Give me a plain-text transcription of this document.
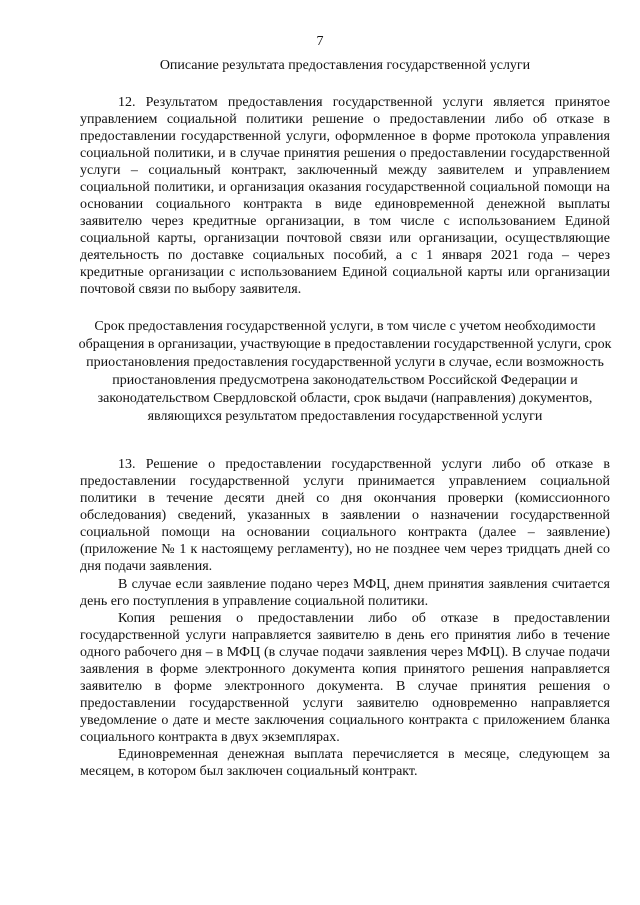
7
Описание результата предоставления государственной услуги

12. Результатом предоставления государственной услуги является принятое управлением социальной политики решение о предоставлении либо об отказе в предоставлении государственной услуги, оформленное в форме протокола управления социальной политики, и в случае принятия решения о предоставлении государственной услуги – социальный контракт, заключенный между заявителем и управлением социальной политики, и организация оказания государственной социальной помощи на основании социального контракта в виде единовременной денежной выплаты заявителю через кредитные организации, в том числе с использованием Единой социальной карты, организации почтовой связи или организации, осуществляющие деятельность по доставке социальных пособий, а с 1 января 2021 года – через кредитные организации с использованием Единой социальной карты или организации почтовой связи по выбору заявителя.

Срок предоставления государственной услуги, в том числе с учетом необходимости обращения в организации, участвующие в предоставлении государственной услуги, срок приостановления предоставления государственной услуги в случае, если возможность приостановления предусмотрена законодательством Российской Федерации и законодательством Свердловской области, срок выдачи (направления) документов, являющихся результатом предоставления государственной услуги

13. Решение о предоставлении государственной услуги либо об отказе в предоставлении государственной услуги принимается управлением социальной политики в течение десяти дней со дня окончания проверки (комиссионного обследования) сведений, указанных в заявлении о назначении государственной социальной помощи на основании социального контракта (далее – заявление) (приложение № 1 к настоящему регламенту), но не позднее чем через тридцать дней со дня подачи заявления.

В случае если заявление подано через МФЦ, днем принятия заявления считается день его поступления в управление социальной политики.

Копия решения о предоставлении либо об отказе в предоставлении государственной услуги направляется заявителю в день его принятия либо в течение одного рабочего дня – в МФЦ (в случае подачи заявления через МФЦ). В случае подачи заявления в форме электронного документа копия принятого решения направляется заявителю в форме электронного документа. В случае принятия решения о предоставлении государственной услуги заявителю одновременно направляется уведомление о дате и месте заключения социального контракта с приложением бланка социального контракта в двух экземплярах.

Единовременная денежная выплата перечисляется в месяце, следующем за месяцем, в котором был заключен социальный контракт.
